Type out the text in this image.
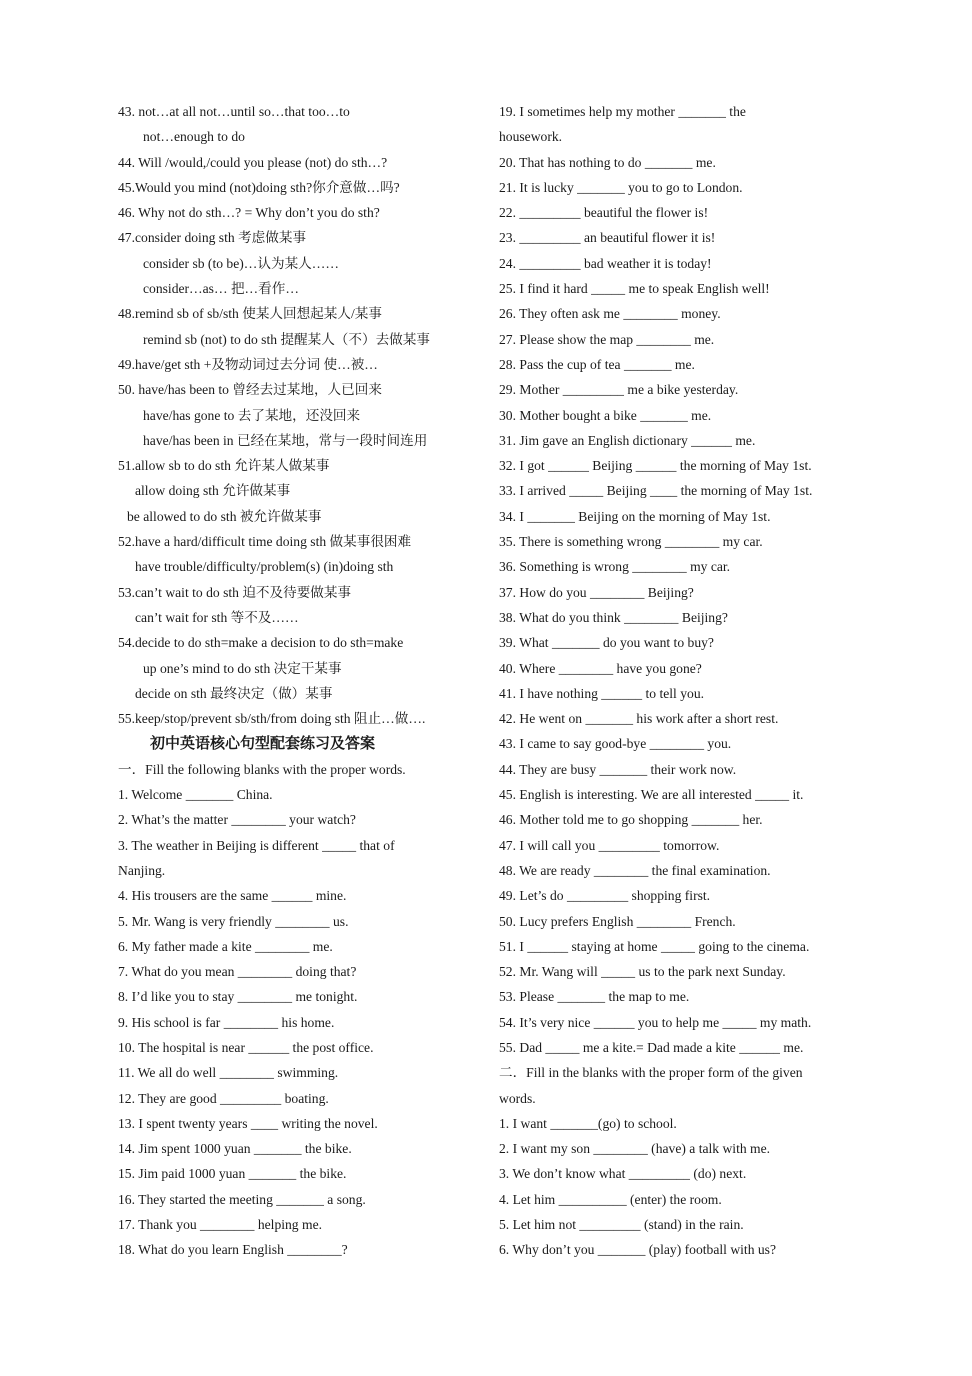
43. not…at all not…until so…that too…to
not…enough to do
44. Will /would,/could you please (not) do sth…?
45.Would you mind (not)doing sth?你介意做…吗?
46. Why not do sth…? = Why don’t you do sth?
47.consider doing sth 考虑做某事
consider sb (to be)…认为某人……
consider…as… 把…看作…
48.remind sb of sb/sth 使某人回想起某人/某事
remind sb (not) to do sth 提醒某人（不）去做某事
49.have/get sth +及物动词过去分词 使…被…
50. have/has been to 曾经去过某地，人已回来
have/has gone to 去了某地，还没回来
have/has been in 已经在某地，常与一段时间连用
51.allow sb to do sth 允许某人做某事
allow doing sth 允许做某事
be allowed to do sth 被允许做某事
52.have a hard/difficult time doing sth 做某事很困难
have trouble/difficulty/problem(s) (in)doing sth
53.can’t wait to do sth 迫不及待要做某事
can’t wait for sth 等不及……
54.decide to do sth=make a decision to do sth=make
up one’s mind to do sth 决定干某事
decide on sth 最终决定（做）某事
55.keep/stop/prevent sb/sth/from doing sth 阻止…做….
初中英语核心句型配套练习及答案
一．Fill the following blanks with the proper words.
1. Welcome _______ China.
2. What’s the matter ________ your watch?
3. The weather in Beijing is different _____ that of
Nanjing.
4. His trousers are the same ______ mine.
5. Mr. Wang is very friendly ________ us.
6. My father made a kite ________ me.
7. What do you mean ________ doing that?
8. I’d like you to stay ________ me tonight.
9. His school is far ________ his home.
10. The hospital is near ______ the post office.
11. We all do well ________ swimming.
12. They are good _________ boating.
13. I spent twenty years ____ writing the novel.
14. Jim spent 1000 yuan _______ the bike.
15. Jim paid 1000 yuan _______ the bike.
16. They started the meeting _______ a song.
17. Thank you ________ helping me.
18. What do you learn English ________?
19. I sometimes help my mother _______ the
housework.
20. That has nothing to do _______ me.
21. It is lucky _______ you to go to London.
22. _________ beautiful the flower is!
23. _________ an beautiful flower it is!
24. _________ bad weather it is today!
25. I find it hard _____ me to speak English well!
26. They often ask me ________ money.
27. Please show the map ________ me.
28. Pass the cup of tea _______ me.
29. Mother _________ me a bike yesterday.
30. Mother bought a bike _______ me.
31. Jim gave an English dictionary ______ me.
32. I got ______ Beijing ______ the morning of May 1st.
33. I arrived _____ Beijing ____ the morning of May 1st.
34. I _______ Beijing on the morning of May 1st.
35. There is something wrong ________ my car.
36. Something is wrong ________ my car.
37. How do you ________ Beijing?
38. What do you think ________ Beijing?
39. What _______ do you want to buy?
40. Where ________ have you gone?
41. I have nothing ______ to tell you.
42. He went on _______ his work after a short rest.
43. I came to say good-bye ________ you.
44. They are busy _______ their work now.
45. English is interesting. We are all interested _____ it.
46. Mother told me to go shopping _______ her.
47. I will call you _________ tomorrow.
48. We are ready ________ the final examination.
49. Let’s do _________ shopping first.
50. Lucy prefers English ________ French.
51. I ______ staying at home _____ going to the cinema.
52. Mr. Wang will _____ us to the park next Sunday.
53. Please _______ the map to me.
54. It’s very nice ______ you to help me _____ my math.
55. Dad _____ me a kite.= Dad made a kite ______ me.
二．Fill in the blanks with the proper form of the given
words.
1. I want _______(go) to school.
2. I want my son ________ (have) a talk with me.
3. We don’t know what _________ (do) next.
4. Let him __________ (enter) the room.
5. Let him not _________ (stand) in the rain.
6. Why don’t you _______ (play) football with us?
